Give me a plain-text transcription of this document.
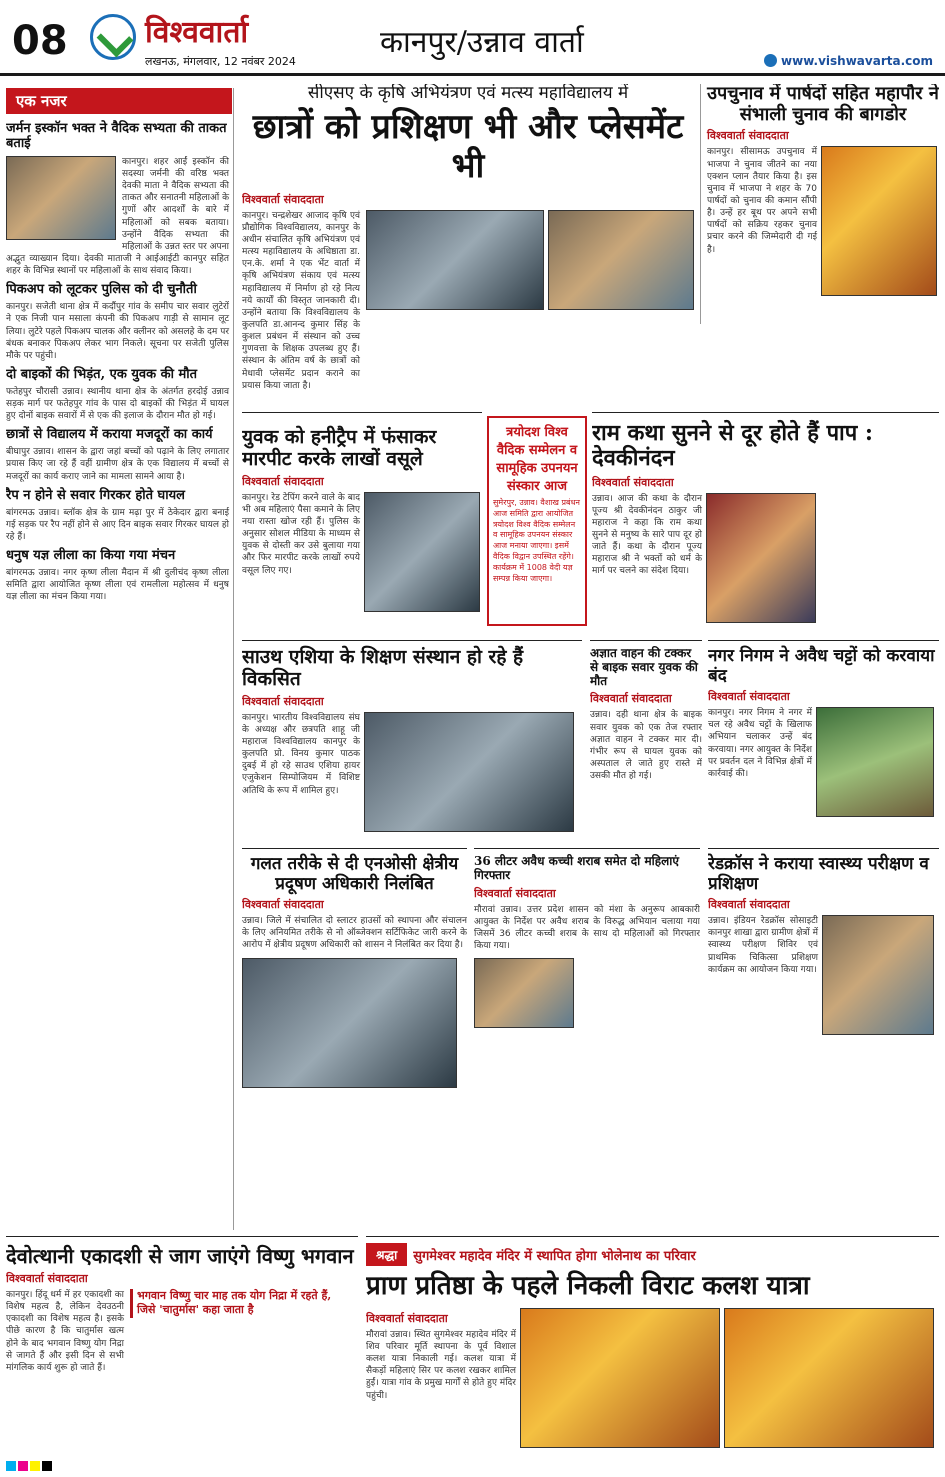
08	विश्ववार्ता
लखनऊ, मंगलवार, 12 नवंबर 2024
कानपुर/उन्नाव वार्ता
www.vishwavarta.com
एक नजर
जर्मन इस्कॉन भक्त ने वैदिक सभ्यता की ताकत बताई

कानपुर। शहर आईं इस्कॉन की सदस्या जर्मनी की वरिष्ठ भक्त देवकी माता ने वैदिक सभ्यता की ताकत और सनातनी महिलाओं के गुणों और आदर्शों के बारे में महिलाओं को सबक बताया। उन्होंने वैदिक सभ्यता की महिलाओं के उन्नत स्तर पर अपना अद्भुत व्याख्यान दिया। देवकी माताजी ने आईआईटी कानपुर सहित शहर के विभिन्न स्थानों पर महिलाओं के साथ संवाद किया।

पिकअप को लूटकर पुलिस को दी चुनौती

कानपुर। सजेती थाना क्षेत्र में कदौंपुर गांव के समीप चार सवार लुटेरों ने एक निजी पान मसाला कंपनी की पिकअप गाड़ी से सामान लूट लिया। लुटेरे पहले पिकअप चालक और क्लीनर को असलहे के दम पर बंधक बनाकर पिकअप लेकर भाग निकले। सूचना पर सजेती पुलिस मौके पर पहुंची।

दो बाइकों की भिड़ंत, एक युवक की मौत

फतेहपुर चौरासी उन्नाव। स्थानीय थाना क्षेत्र के अंतर्गत हरदोई उन्नाव सड़क मार्ग पर फतेहपुर गांव के पास दो बाइकों की भिड़ंत में घायल हुए दोनों बाइक सवारों में से एक की इलाज के दौरान मौत हो गई।

छात्रों से विद्यालय में कराया मजदूरों का कार्य

बीघापुर उन्नाव। शासन के द्वारा जहां बच्चों को पढ़ाने के लिए लगातार प्रयास किए जा रहे हैं वहीं ग्रामीण क्षेत्र के एक विद्यालय में बच्चों से मजदूरों का कार्य कराए जाने का मामला सामने आया है।

रैप न होने से सवार गिरकर होते घायल

बांगरमऊ उन्नाव। ब्लॉक क्षेत्र के ग्राम मढ़ा पुर में ठेकेदार द्वारा बनाई गई सड़क पर रैप नहीं होने से आए दिन बाइक सवार गिरकर घायल हो रहे हैं।

धनुष यज्ञ लीला का किया गया मंचन

बांगरमऊ उन्नाव। नगर कृष्ण लीला मैदान में श्री दुलीचंद कृष्ण लीला समिति द्वारा आयोजित कृष्ण लीला एवं रामलीला महोत्सव में धनुष यज्ञ लीला का मंचन किया गया।

सीएसए के कृषि अभियंत्रण एवं मत्स्य महाविद्यालय में
छात्रों को प्रशिक्षण भी और प्लेसमेंट भी
विश्ववार्ता संवाददाता

कानपुर। चन्द्रशेखर आजाद कृषि एवं प्रौद्योगिक विश्वविद्यालय, कानपुर के अधीन संचालित कृषि अभियंत्रण एवं मत्स्य महाविद्यालय के अधिष्ठाता डा. एन.के. शर्मा ने एक भेंट वार्ता में कृषि अभियंत्रण संकाय एवं मत्स्य महाविद्यालय में निर्माण हो रहे नित्य नये कार्यों की विस्तृत जानकारी दी। उन्होंने बताया कि विश्वविद्यालय के कुलपति डा.आनन्द कुमार सिंह के कुशल प्रबंधन में संस्थान को उच्च गुणवत्ता के शिक्षक उपलब्ध हुए हैं। संस्थान के अंतिम वर्ष के छात्रों को मेधावी प्लेसमेंट प्रदान कराने का प्रयास किया जाता है।

उपचुनाव में पार्षदों सहित महापौर ने संभाली चुनाव की बागडोर
विश्ववार्ता संवाददाता

कानपुर। सीसामऊ उपचुनाव में भाजपा ने चुनाव जीतने का नया एक्शन प्लान तैयार किया है। इस चुनाव में भाजपा ने शहर के 70 पार्षदों को चुनाव की कमान सौंपी है। उन्हें हर बूथ पर अपने सभी पार्षदों को सक्रिय रहकर चुनाव प्रचार करने की जिम्मेदारी दी गई है।

युवक को हनीट्रैप में फंसाकर मारपीट करके लाखों वसूले
विश्ववार्ता संवाददाता

कानपुर। रेड टेपिंग करने वाले के बाद भी अब महिलाएं पैसा कमाने के लिए नया रास्ता खोज रही हैं। पुलिस के अनुसार सोशल मीडिया के माध्यम से युवक से दोस्ती कर उसे बुलाया गया और फिर मारपीट करके लाखों रुपये वसूल लिए गए।

त्रयोदश विश्व वैदिक सम्मेलन व सामूहिक उपनयन संस्कार आज

सुमेरपुर, उन्नाव। वैशाख प्रबंधन आज समिति द्वारा आयोजित त्रयोदश विश्व वैदिक सम्मेलन व सामूहिक उपनयन संस्कार आज मनाया जाएगा। इसमें वैदिक विद्वान उपस्थित रहेंगे। कार्यक्रम में 1008 वेदी यज्ञ सम्पन्न किया जाएगा।

राम कथा सुनने से दूर होते हैं पाप : देवकीनंदन
विश्ववार्ता संवाददाता

उन्नाव। आज की कथा के दौरान पूज्य श्री देवकीनंदन ठाकुर जी महाराज ने कहा कि राम कथा सुनने से मनुष्य के सारे पाप दूर हो जाते हैं। कथा के दौरान पूज्य महाराज श्री ने भक्तों को धर्म के मार्ग पर चलने का संदेश दिया।

साउथ एशिया के शिक्षण संस्थान हो रहे हैं विकसित
विश्ववार्ता संवाददाता

कानपुर। भारतीय विश्वविद्यालय संघ के अध्यक्ष और छत्रपति शाहू जी महाराज विश्वविद्यालय कानपुर के कुलपति प्रो. विनय कुमार पाठक दुबई में हो रहे साउथ एशिया हायर एजुकेशन सिम्पोजियम में विशिष्ट अतिथि के रूप में शामिल हुए।

अज्ञात वाहन की टक्कर से बाइक सवार युवक की मौत
विश्ववार्ता संवाददाता

उन्नाव। दही थाना क्षेत्र के बाइक सवार युवक को एक तेज रफ्तार अज्ञात वाहन ने टक्कर मार दी। गंभीर रूप से घायल युवक को अस्पताल ले जाते हुए रास्ते में उसकी मौत हो गई।

नगर निगम ने अवैध चट्टों को करवाया बंद
विश्ववार्ता संवाददाता

कानपुर। नगर निगम ने नगर में चल रहे अवैध चट्टों के खिलाफ अभियान चलाकर उन्हें बंद करवाया। नगर आयुक्त के निर्देश पर प्रवर्तन दल ने विभिन्न क्षेत्रों में कार्रवाई की।

गलत तरीके से दी एनओसी क्षेत्रीय प्रदूषण अधिकारी निलंबित
विश्ववार्ता संवाददाता

उन्नाव। जिले में संचालित दो स्लाटर हाउसों को स्थापना और संचालन के लिए अनियमित तरीके से नो ऑब्जेक्शन सर्टिफिकेट जारी करने के आरोप में क्षेत्रीय प्रदूषण अधिकारी को शासन ने निलंबित कर दिया है।

36 लीटर अवैध कच्ची शराब समेत दो महिलाएं गिरफ्तार
विश्ववार्ता संवाददाता

मौरावां उन्नाव। उत्तर प्रदेश शासन को मंशा के अनुरूप आबकारी आयुक्त के निर्देश पर अवैध शराब के विरुद्ध अभियान चलाया गया जिसमें 36 लीटर कच्ची शराब के साथ दो महिलाओं को गिरफ्तार किया गया।

रेडक्रॉस ने कराया स्वास्थ्य परीक्षण व प्रशिक्षण
विश्ववार्ता संवाददाता

उन्नाव। इंडियन रेडक्रॉस सोसाइटी कानपुर शाखा द्वारा ग्रामीण क्षेत्रों में स्वास्थ्य परीक्षण शिविर एवं प्राथमिक चिकित्सा प्रशिक्षण कार्यक्रम का आयोजन किया गया।

देवोत्थानी एकादशी से जाग जाएंगे विष्णु भगवान
विश्ववार्ता संवाददाता

कानपुर। हिंदू धर्म में हर एकादशी का विशेष महत्व है, लेकिन देवउठनी एकादशी का विशेष महत्व है। इसके पीछे कारण है कि चातुर्मास खत्म होने के बाद भगवान विष्णु योग निद्रा से जागते हैं और इसी दिन से सभी मांगलिक कार्य शुरू हो जाते हैं।

भगवान विष्णु चार माह तक योग निद्रा में रहते हैं, जिसे 'चातुर्मास' कहा जाता है

श्रद्धा	सुगमेश्वर महादेव मंदिर में स्थापित होगा भोलेनाथ का परिवार
प्राण प्रतिष्ठा के पहले निकली विराट कलश यात्रा
विश्ववार्ता संवाददाता

मौरावां उन्नाव। स्थित सुगमेश्वर महादेव मंदिर में शिव परिवार मूर्ति स्थापना के पूर्व विशाल कलश यात्रा निकाली गई। कलश यात्रा में सैकड़ों महिलाएं सिर पर कलश रखकर शामिल हुईं। यात्रा गांव के प्रमुख मार्गों से होते हुए मंदिर पहुंची।
